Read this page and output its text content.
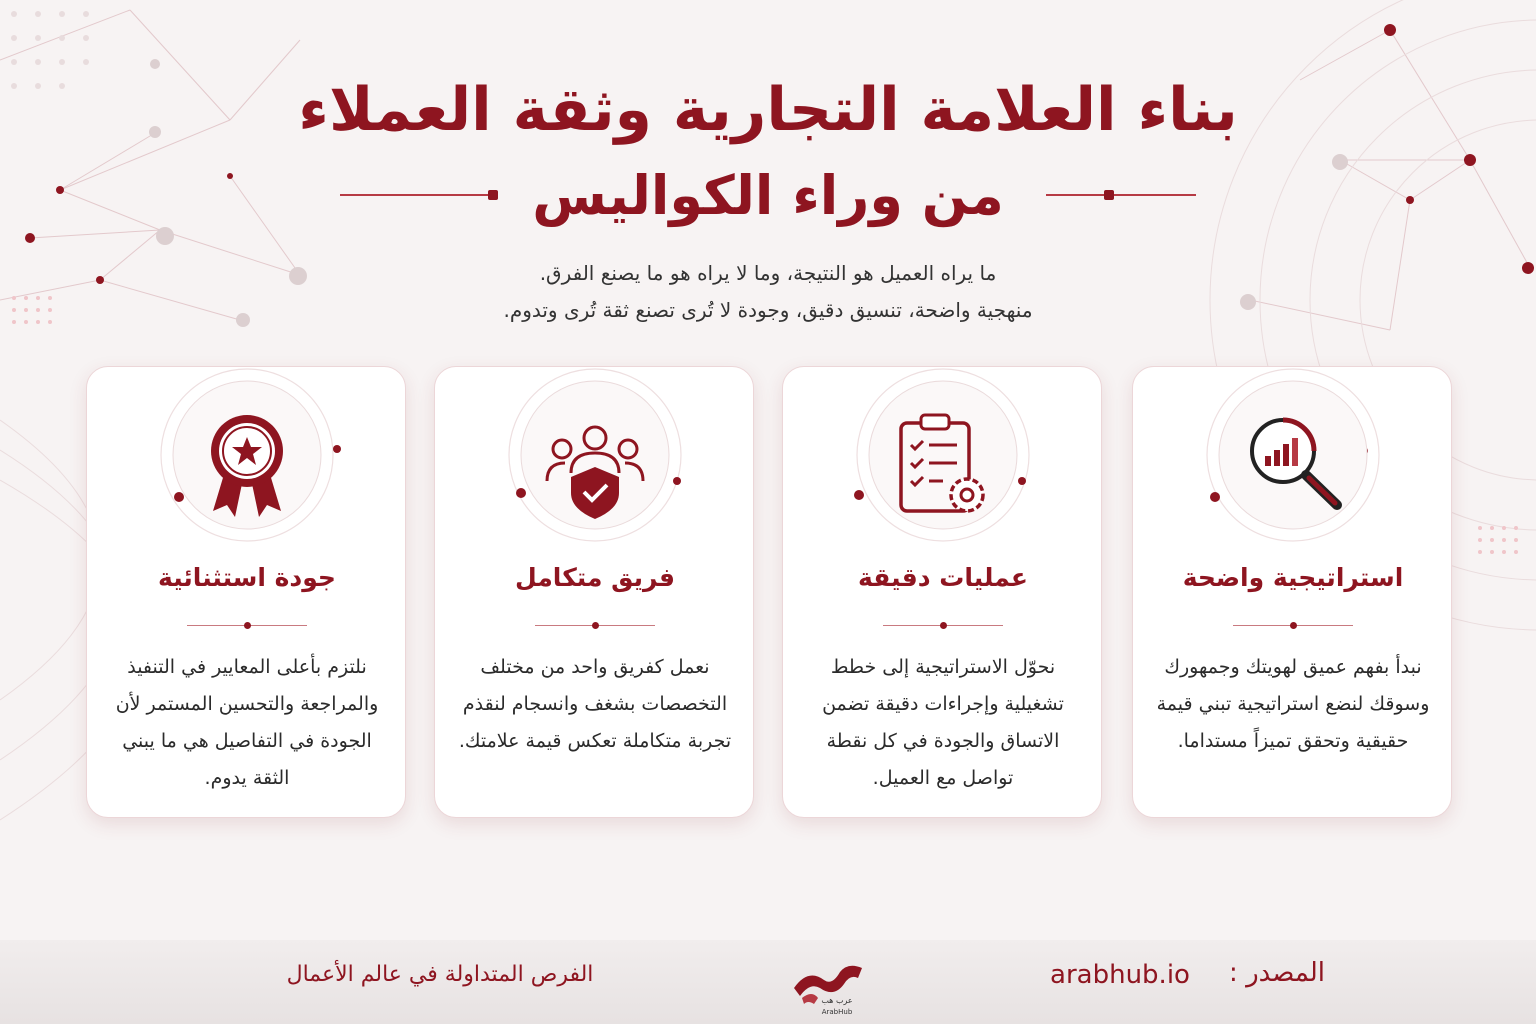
بناء العلامة التجارية وثقة العملاء
من وراء الكواليس

ما يراه العميل هو النتيجة، وما لا يراه هو ما يصنع الفرق.

منهجية واضحة، تنسيق دقيق، وجودة لا تُرى تصنع ثقة تُرى وتدوم.

استراتيجية واضحة
نبدأ بفهم عميق لهويتك وجمهورك وسوقك لنضع استراتيجية تبني قيمة حقيقية وتحقق تميزاً مستداما.
عمليات دقيقة
نحوّل الاستراتيجية إلى خطط تشغيلية وإجراءات دقيقة تضمن الاتساق والجودة في كل نقطة تواصل مع العميل.
فريق متكامل
نعمل كفريق واحد من مختلف التخصصات بشغف وانسجام لنقذم تجربة متكاملة تعكس قيمة علامتك.
جودة استثنائية
نلتزم بأعلى المعايير في التنفيذ والمراجعة والتحسين المستمر لأن الجودة في التفاصيل هي ما يبني الثقة يدوم.
الفرص المتداولة في عالم الأعمال	المصدر :
arabhub.io
عرب هب
ArabHub
